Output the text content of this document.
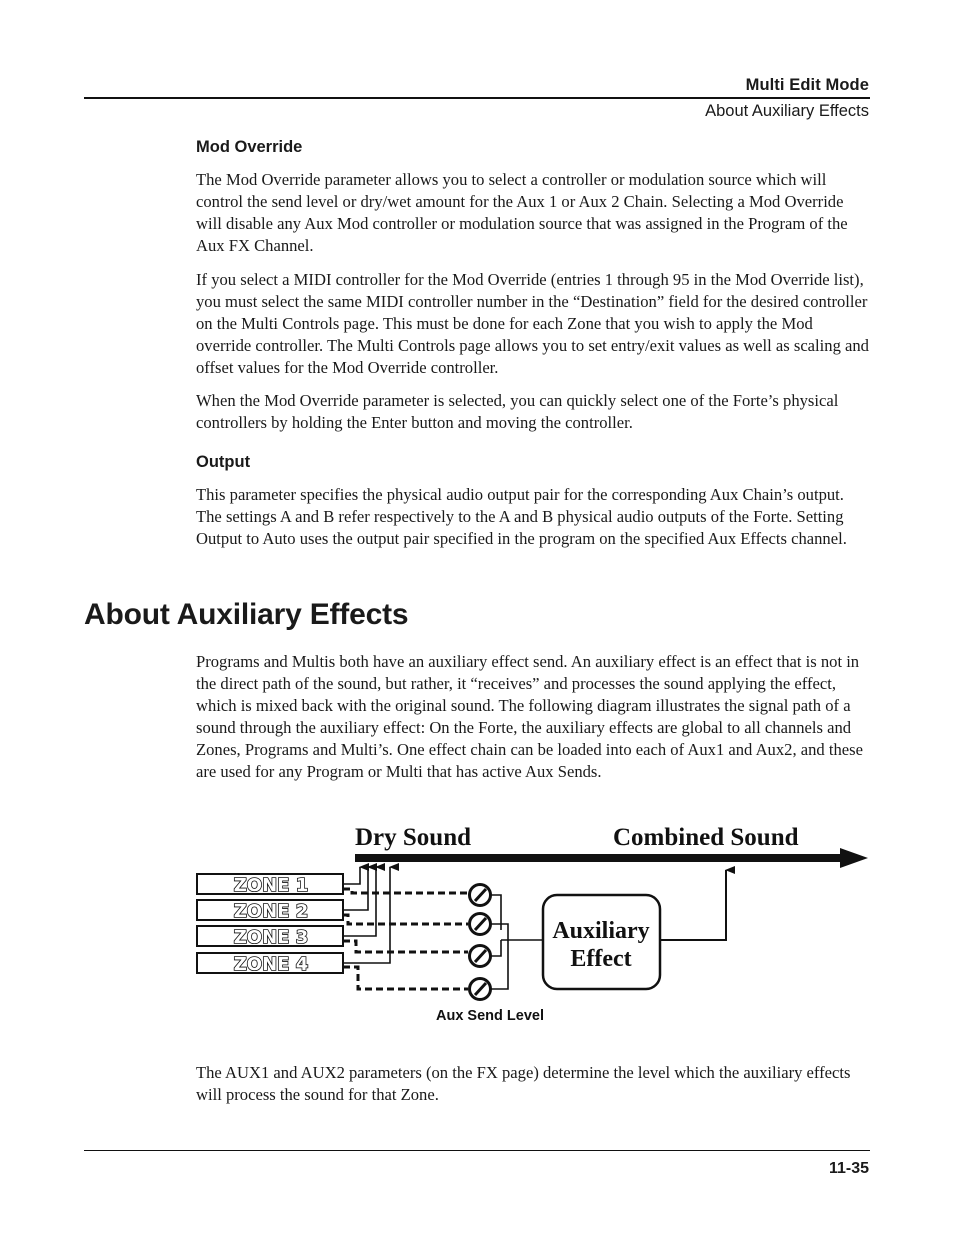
Multi Edit Mode
About Auxiliary Effects
Mod Override

The Mod Override parameter allows you to select a controller or modulation source which will control the send level or dry/wet amount for the Aux 1 or Aux 2 Chain. Selecting a Mod Override will disable any Aux Mod controller or modulation source that was assigned in the Program of the Aux FX Channel.

If you select a MIDI controller for the Mod Override (entries 1 through 95 in the Mod Override list), you must select the same MIDI controller number in the “Destination” field for the desired controller on the Multi Controls page. This must be done for each Zone that you wish to apply the Mod override controller. The Multi Controls page allows you to set entry/exit values as well as scaling and offset values for the Mod Override controller.

When the Mod Override parameter is selected, you can quickly select one of the Forte’s physical controllers by holding the Enter button and moving the controller.

Output

This parameter specifies the physical audio output pair for the corresponding Aux Chain’s output. The settings A and B refer respectively to the A and B physical audio outputs of the Forte. Setting Output to Auto uses the output pair specified in the program on the specified Aux Effects channel.

About Auxiliary Effects

Programs and Multis both have an auxiliary effect send. An auxiliary effect is an effect that is not in the direct path of the sound, but rather, it “receives” and processes the sound applying the effect, which is mixed back with the original sound. The following diagram illustrates the signal path of a sound through the auxiliary effect: On the Forte, the auxiliary effects are global to all channels and Zones, Programs and Multi’s. One effect chain can be loaded into each of Aux1 and Aux2, and these are used for any Program or Multi that has active Aux Sends.

Dry Sound	Combined Sound
ZONE 1
ZONE 2
ZONE 3
ZONE 4
Auxiliary
Effect
Aux Send Level

The AUX1 and AUX2 parameters (on the FX page) determine the level which the auxiliary effects will process the sound for that Zone.

11-35
